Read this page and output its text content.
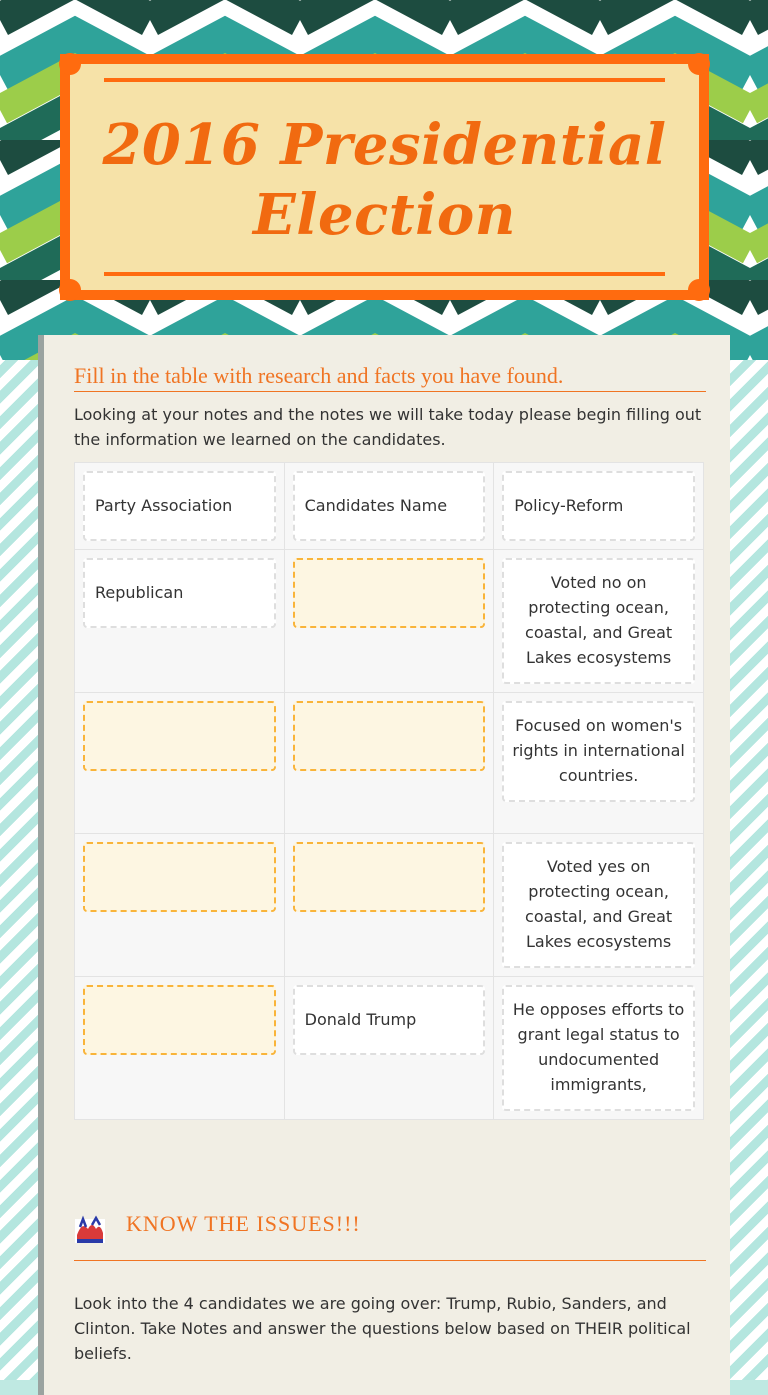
2016 Presidential Election
Fill in the table with research and facts you have found.
Looking at your notes and the notes we will take today please begin filling out the information we learned on the candidates.
Party Association	Candidates Name	Policy-Reform

Republican		Voted no on protecting ocean, coastal, and Great Lakes ecosystems

		Focused on women's rights in international countries.

		Voted yes on protecting ocean, coastal, and Great Lakes ecosystems

	Donald Trump	He opposes efforts to grant legal status to undocumented immigrants,
KNOW THE ISSUES!!!
Look into the 4 candidates we are going over: Trump, Rubio, Sanders, and Clinton. Take Notes and answer the questions below based on THEIR political beliefs.
